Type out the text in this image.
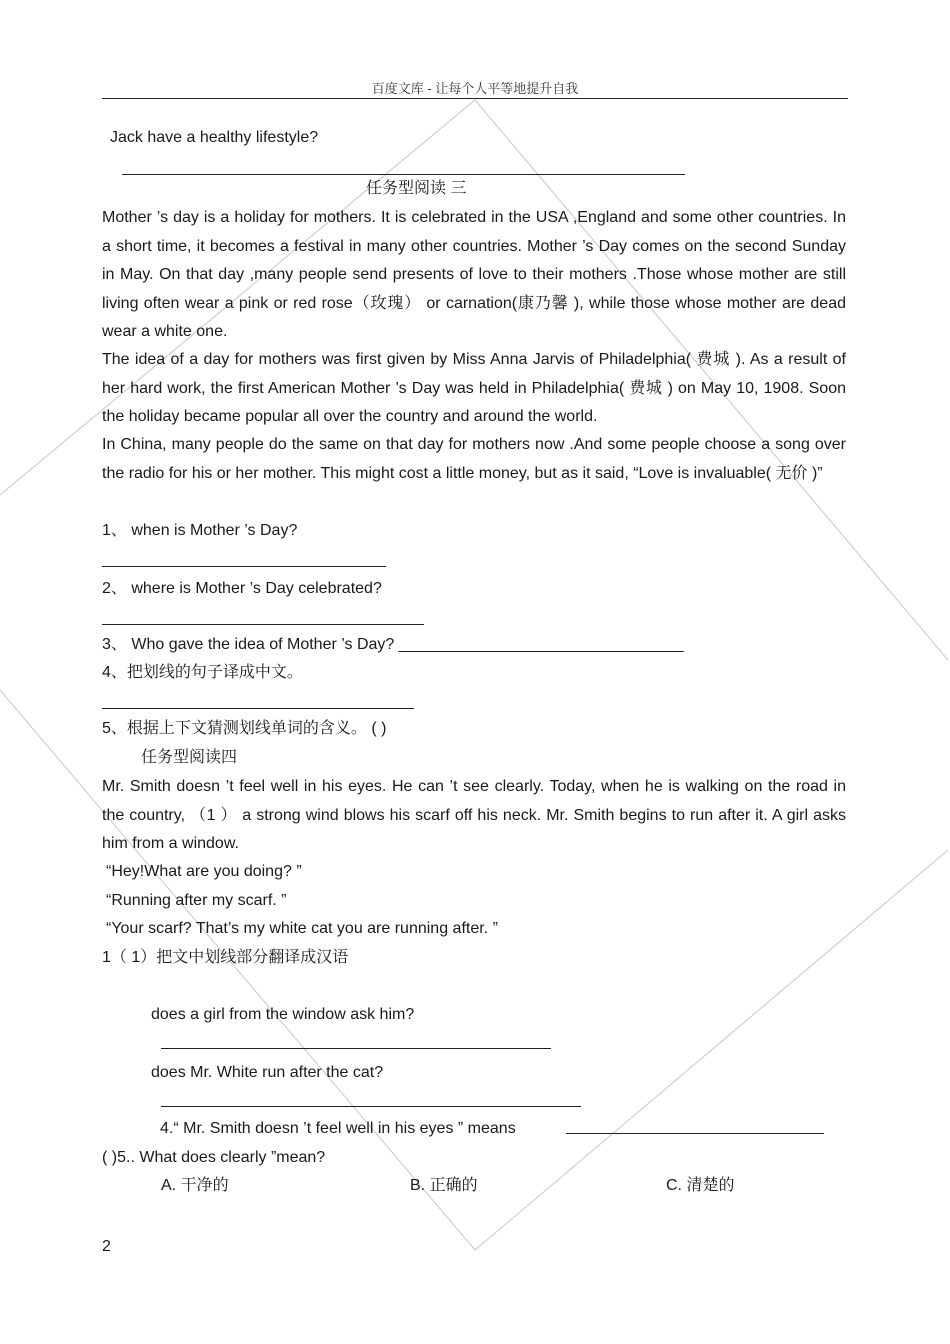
百度文库 - 让每个人平等地提升自我
Jack have a healthy lifestyle?
任务型阅读 三
Mother ’s day is a holiday for mothers. It is celebrated in the USA ,England and some other countries. In a short time, it becomes a festival in many other countries. Mother ’s Day comes on the second Sunday in May. On that day ,many people send presents of love to their mothers .Those whose mother are still living often wear a pink or red rose（玫瑰） or carnation(康乃馨 ), while those whose mother are dead wear a white one.
The idea of a day for mothers was first given by Miss Anna Jarvis of Philadelphia( 费城 ). As a result of her hard work, the first American Mother ’s Day was held in Philadelphia( 费城 ) on May 10, 1908. Soon the holiday became popular all over the country and around the world.
In China, many people do the same on that day for mothers now .And some people choose a song over the radio for his or her mother. This might cost a little money, but as it said, “Love is invaluable( 无价 )”
1、 when is Mother ’s Day?
2、 where is Mother ’s Day celebrated?
3、 Who gave the idea of Mother ’s Day? ________________________________
4、把划线的句子译成中文。
5、根据上下文猜测划线单词的含义。 ( )
任务型阅读四
Mr. Smith doesn ’t feel well in his eyes. He can ’t see clearly. Today, when he is walking on the road in the country, （1 ） a strong wind blows his scarf off his neck. Mr. Smith begins to run after it. A girl asks him from a window.
“Hey!What are you doing? ”
“Running after my scarf. ”
“Your scarf? That’s my white cat you are running after. ”
1（ 1）把文中划线部分翻译成汉语
does a girl from the window ask him?
does Mr. White run after the cat?
4.“ Mr. Smith doesn ’t feel well in his eyes ” means
( )5.. What does clearly ”mean?
A. 干净的	B. 正确的	C. 清楚的
2
